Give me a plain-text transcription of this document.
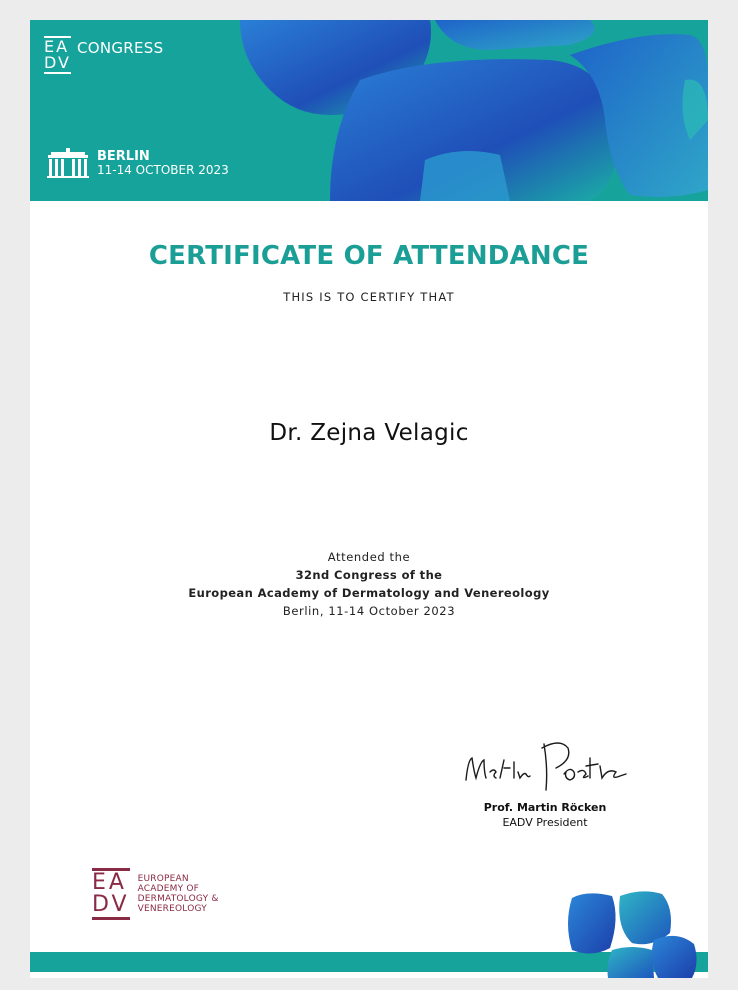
EA
DV
CONGRESS
BERLIN
11-14 OCTOBER 2023
CERTIFICATE OF ATTENDANCE
THIS IS TO CERTIFY THAT
Dr. Zejna Velagic
Attended the
32nd Congress of the
European Academy of Dermatology and Venereology
Berlin, 11-14 October 2023
Prof. Martin Röcken
EADV President
EA
DV
EUROPEAN
ACADEMY OF
DERMATOLOGY &
VENEREOLOGY
